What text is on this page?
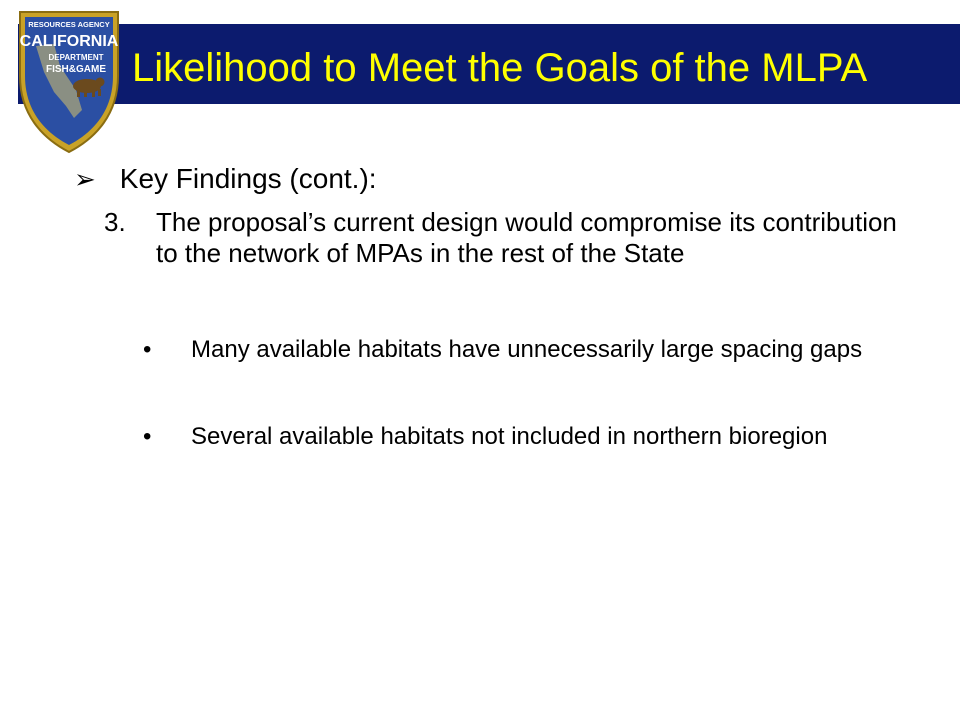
Likelihood to Meet the Goals of the MLPA
RESOURCES AGENCY
CALIFORNIA
DEPARTMENT
FISH&GAME
➢ Key Findings (cont.):
3. The proposal’s current design would compromise its contribution to the network of MPAs in the rest of the State
• Many available habitats have unnecessarily large spacing gaps
• Several available habitats not included in northern bioregion
